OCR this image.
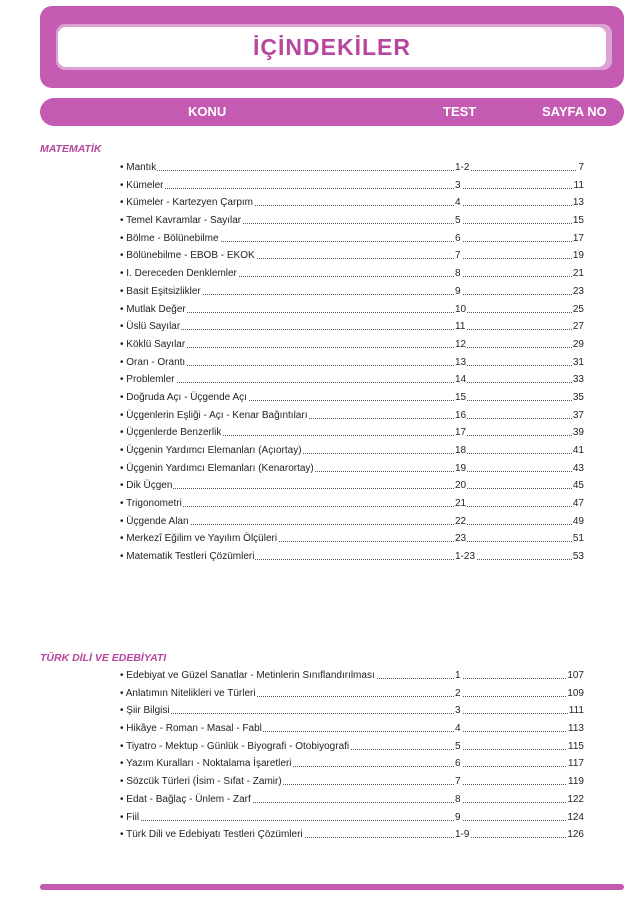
İÇİNDEKİLER
KONU	TEST	SAYFA NO
MATEMATİK
• Mantık	1-2	7
• Kümeler	3	11
• Kümeler - Kartezyen Çarpım	4	13
• Temel Kavramlar - Sayılar	5	15
• Bölme - Bölünebilme	6	17
• Bölünebilme - EBOB - EKOK	7	19
• I. Dereceden Denklemler	8	21
• Basit Eşitsizlikler	9	23
• Mutlak Değer	10	25
• Üslü Sayılar	11	27
• Köklü Sayılar	12	29
• Oran - Orantı	13	31
• Problemler	14	33
• Doğruda Açı - Üçgende Açı	15	35
• Üçgenlerin Eşliği - Açı - Kenar Bağıntıları	16	37
• Üçgenlerde Benzerlik	17	39
• Üçgenin Yardımcı Elemanları (Açıortay)	18	41
• Üçgenin Yardımcı Elemanları (Kenarortay)	19	43
• Dik Üçgen	20	45
• Trigonometri	21	47
• Üçgende Alan	22	49
• Merkezî Eğilim ve Yayılım Ölçüleri	23	51
• Matematik Testleri Çözümleri	1-23	53
TÜRK DİLİ VE EDEBİYATI
• Edebiyat ve Güzel Sanatlar - Metinlerin Sınıflandırılması	1	107
• Anlatımın Nitelikleri ve Türleri	2	109
• Şiir Bilgisi	3	111
• Hikâye - Roman - Masal - Fabl	4	113
• Tiyatro - Mektup - Günlük - Biyografi - Otobiyografi	5	115
• Yazım Kuralları - Noktalama İşaretleri	6	117
• Sözcük Türleri (İsim - Sıfat - Zamir)	7	119
• Edat - Bağlaç - Ünlem - Zarf	8	122
• Fiil	9	124
• Türk Dili ve Edebiyatı Testleri Çözümleri	1-9	126
